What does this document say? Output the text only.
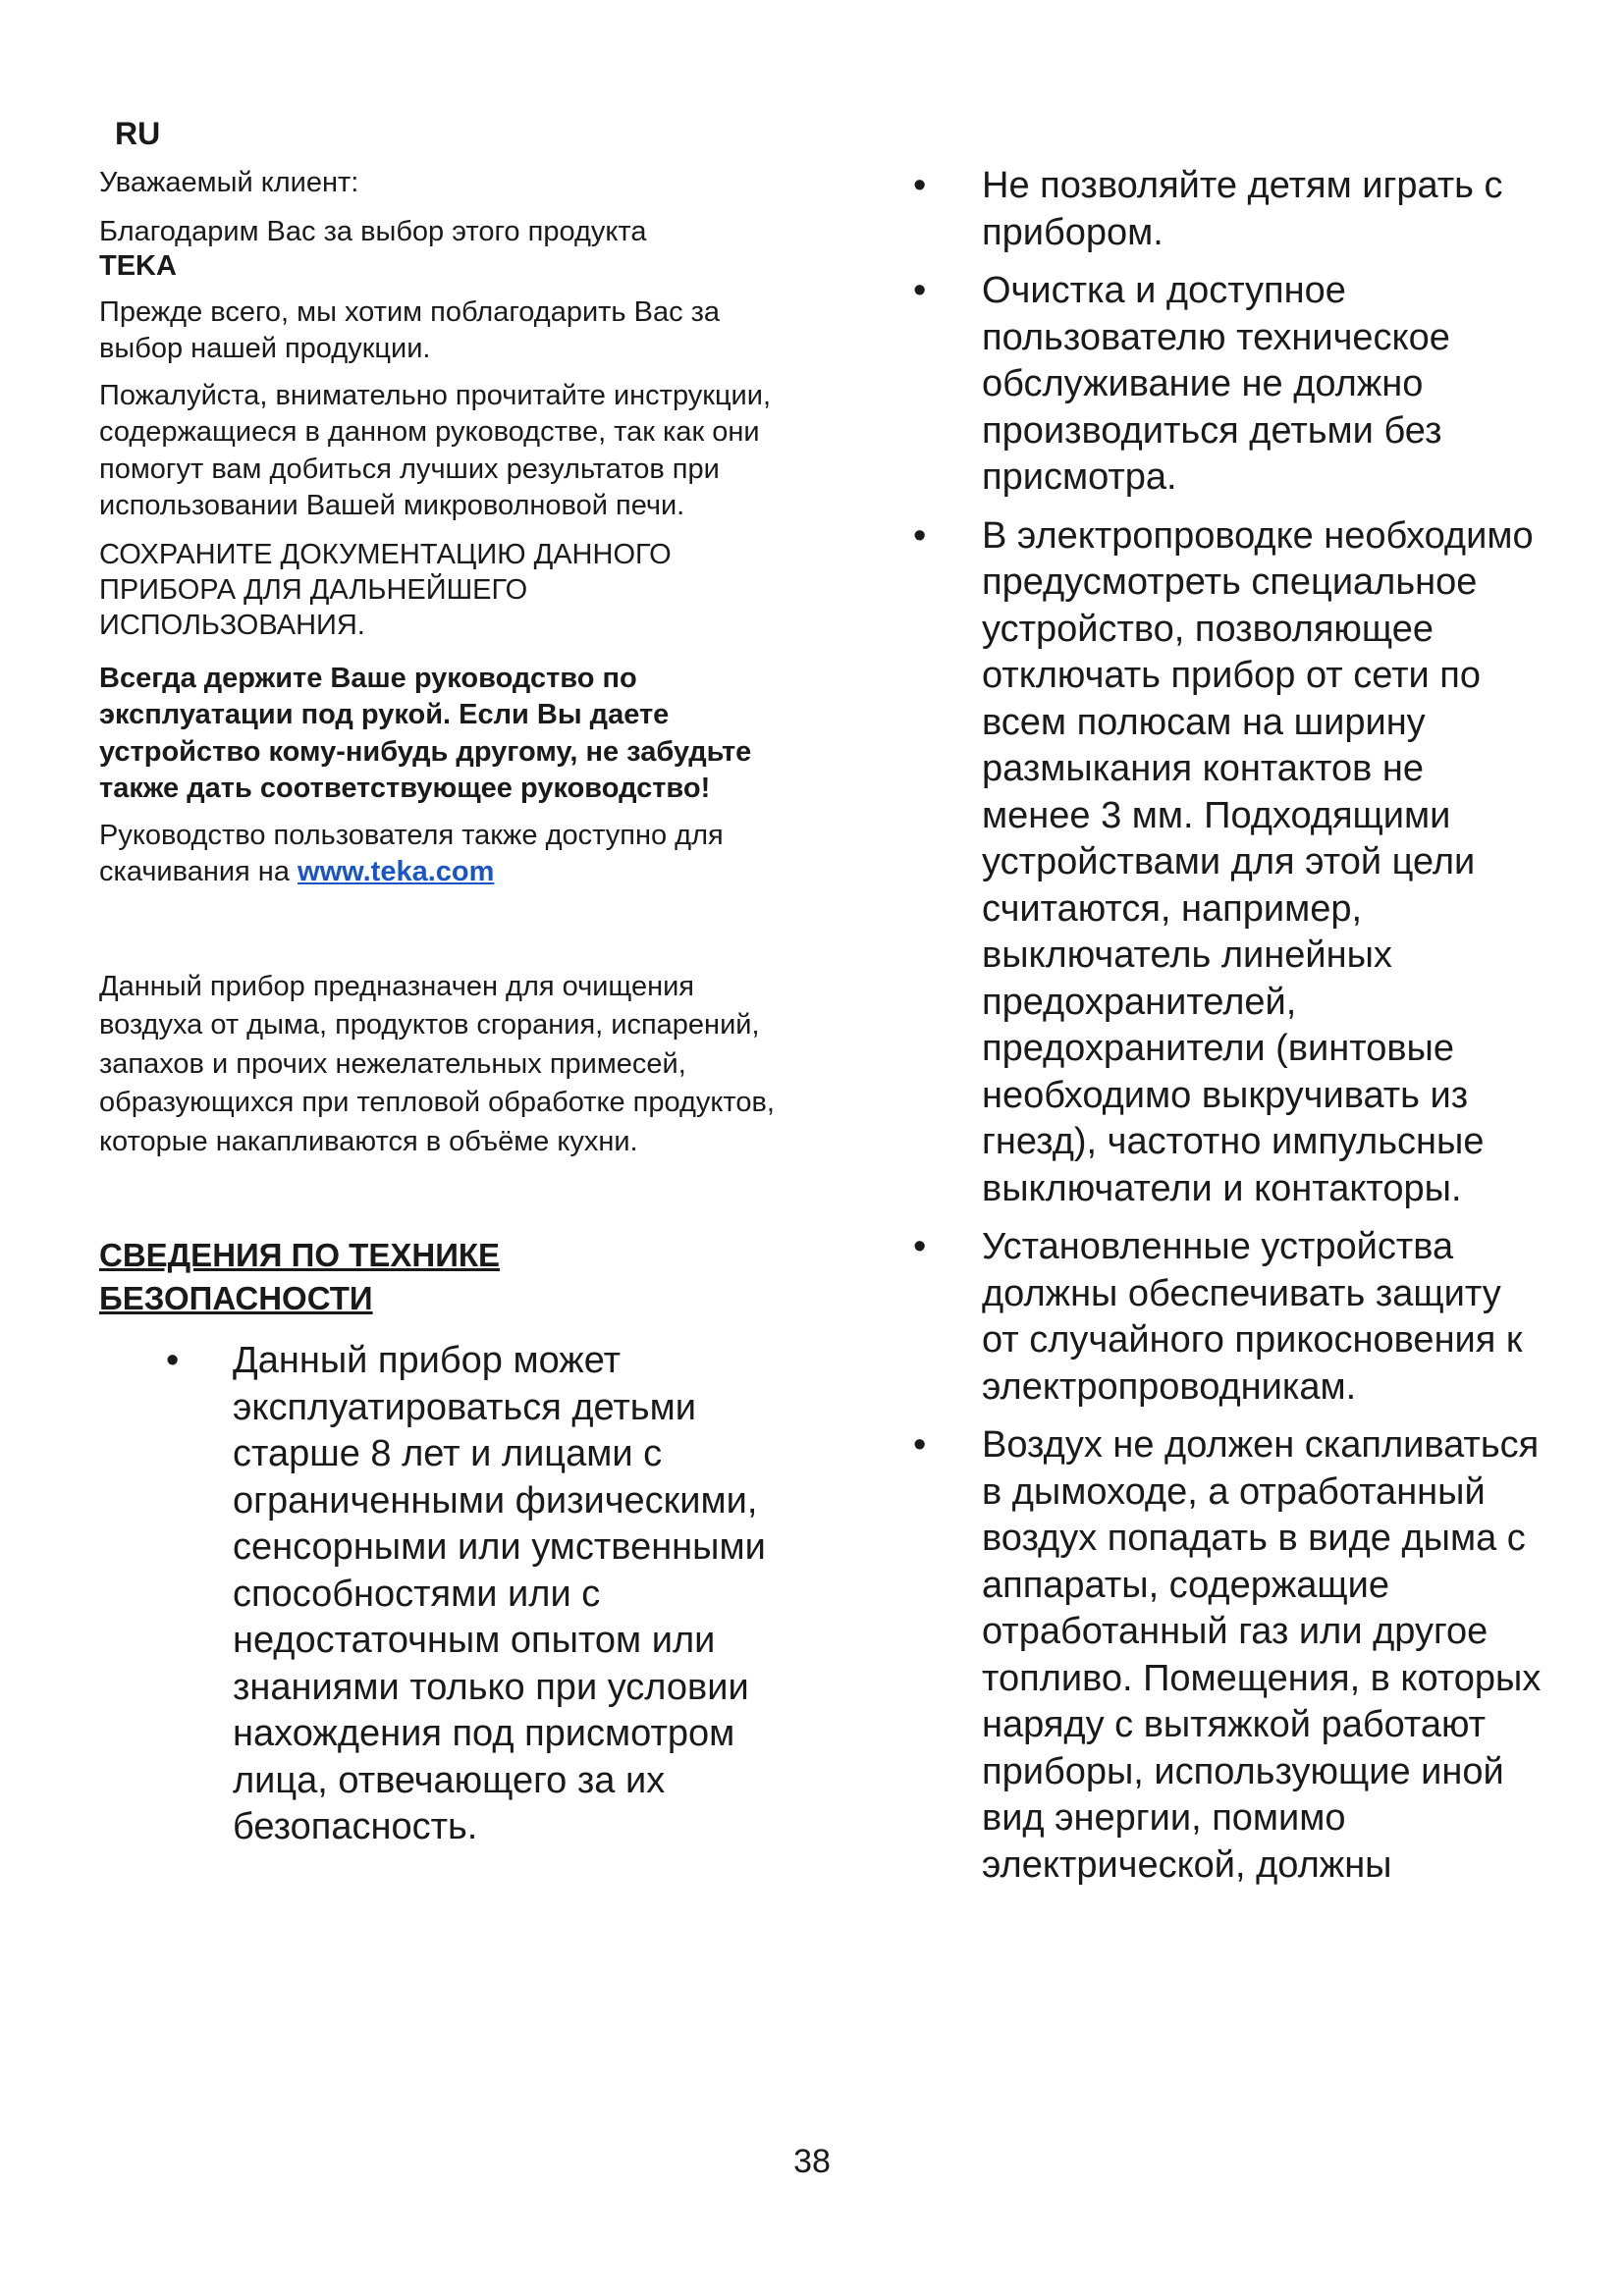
RU

Уважаемый клиент:

Благодарим Вас за выбор этого продукта

TEKA

Прежде всего, мы хотим поблагодарить Вас за выбор нашей продукции.

Пожалуйста, внимательно прочитайте инструкции, содержащиеся в данном руководстве, так как они помогут вам добиться лучших результатов при использовании Вашей микроволновой печи.

СОХРАНИТЕ ДОКУМЕНТАЦИЮ ДАННОГО ПРИБОРА ДЛЯ ДАЛЬНЕЙШЕГО ИСПОЛЬЗОВАНИЯ.

Всегда держите Ваше руководство по эксплуатации под рукой. Если Вы даете устройство кому-нибудь другому, не забудьте также дать соответствующее руководство!

Руководство пользователя также доступно для скачивания на www.teka.com

Данный прибор предназначен для очищения воздуха от дыма, продуктов сгорания, испарений, запахов и прочих нежелательных примесей, образующихся при тепловой обработке продуктов, которые накапливаются в объёме кухни.

СВЕДЕНИЯ ПО ТЕХНИКЕ

БЕЗОПАСНОСТИ

• Данный прибор может эксплуатироваться детьми старше 8 лет и лицами с ограниченными физическими, сенсорными или умственными способностями или с недостаточным опытом или знаниями только при условии нахождения под присмотром лица, отвечающего за их безопасность.
• Не позволяйте детям играть с прибором.
• Очистка и доступное пользователю техническое обслуживание не должно производиться детьми без присмотра.
• В электропроводке необходимо предусмотреть специальное устройство, позволяющее отключать прибор от сети по всем полюсам на ширину размыкания контактов не менее 3 мм. Подходящими устройствами для этой цели считаются, например, выключатель линейных предохранителей, предохранители (винтовые необходимо выкручивать из гнезд), частотно импульсные выключатели и контакторы.
• Установленные устройства должны обеспечивать защиту от случайного прикосновения к электропроводникам.
• Воздух не должен скапливаться в дымоходе, а отработанный воздух попадать в виде дыма с аппараты, содержащие отработанный газ или другое топливо. Помещения, в которых наряду с вытяжкой работают приборы, использующие иной вид энергии, помимо электрической, должны
38
